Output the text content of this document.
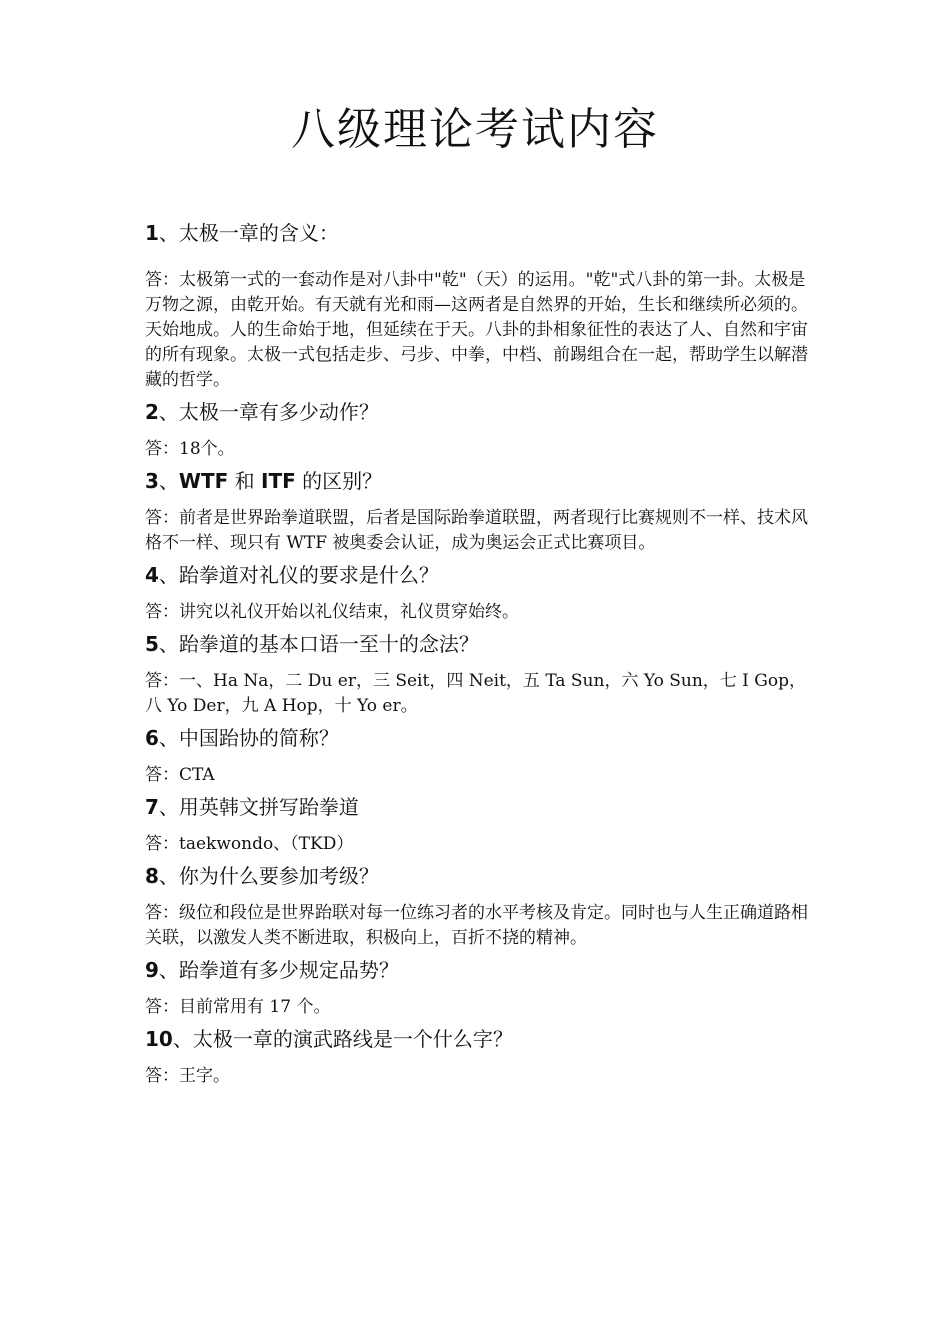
八级理论考试内容

1、太极一章的含义：

答：太极第一式的一套动作是对八卦中"乾"（天）的运用。"乾"式八卦的第一卦。太极是万物之源，由乾开始。有天就有光和雨—这两者是自然界的开始，生长和继续所必须的。天始地成。人的生命始于地，但延续在于天。八卦的卦相象征性的表达了人、自然和宇宙的所有现象。太极一式包括走步、弓步、中拳，中档、前踢组合在一起，帮助学生以解潜藏的哲学。

2、太极一章有多少动作？

答：18个。

3、WTF 和 ITF 的区别？

答：前者是世界跆拳道联盟，后者是国际跆拳道联盟，两者现行比赛规则不一样、技术风格不一样、现只有 WTF 被奥委会认证，成为奥运会正式比赛项目。

4、跆拳道对礼仪的要求是什么？

答：讲究以礼仪开始以礼仪结束，礼仪贯穿始终。

5、跆拳道的基本口语一至十的念法？

答：一、Ha Na，二 Du er，三 Seit，四 Neit，五 Ta Sun，六 Yo Sun，七 I Gop，八 Yo Der，九 A Hop，十 Yo er。

6、中国跆协的简称？

答：CTA

7、用英韩文拼写跆拳道

答：taekwondo、（TKD）

8、你为什么要参加考级？

答：级位和段位是世界跆联对每一位练习者的水平考核及肯定。同时也与人生正确道路相关联，以激发人类不断进取，积极向上，百折不挠的精神。

9、跆拳道有多少规定品势？

答：目前常用有 17 个。

10、太极一章的演武路线是一个什么字？

答：王字。
